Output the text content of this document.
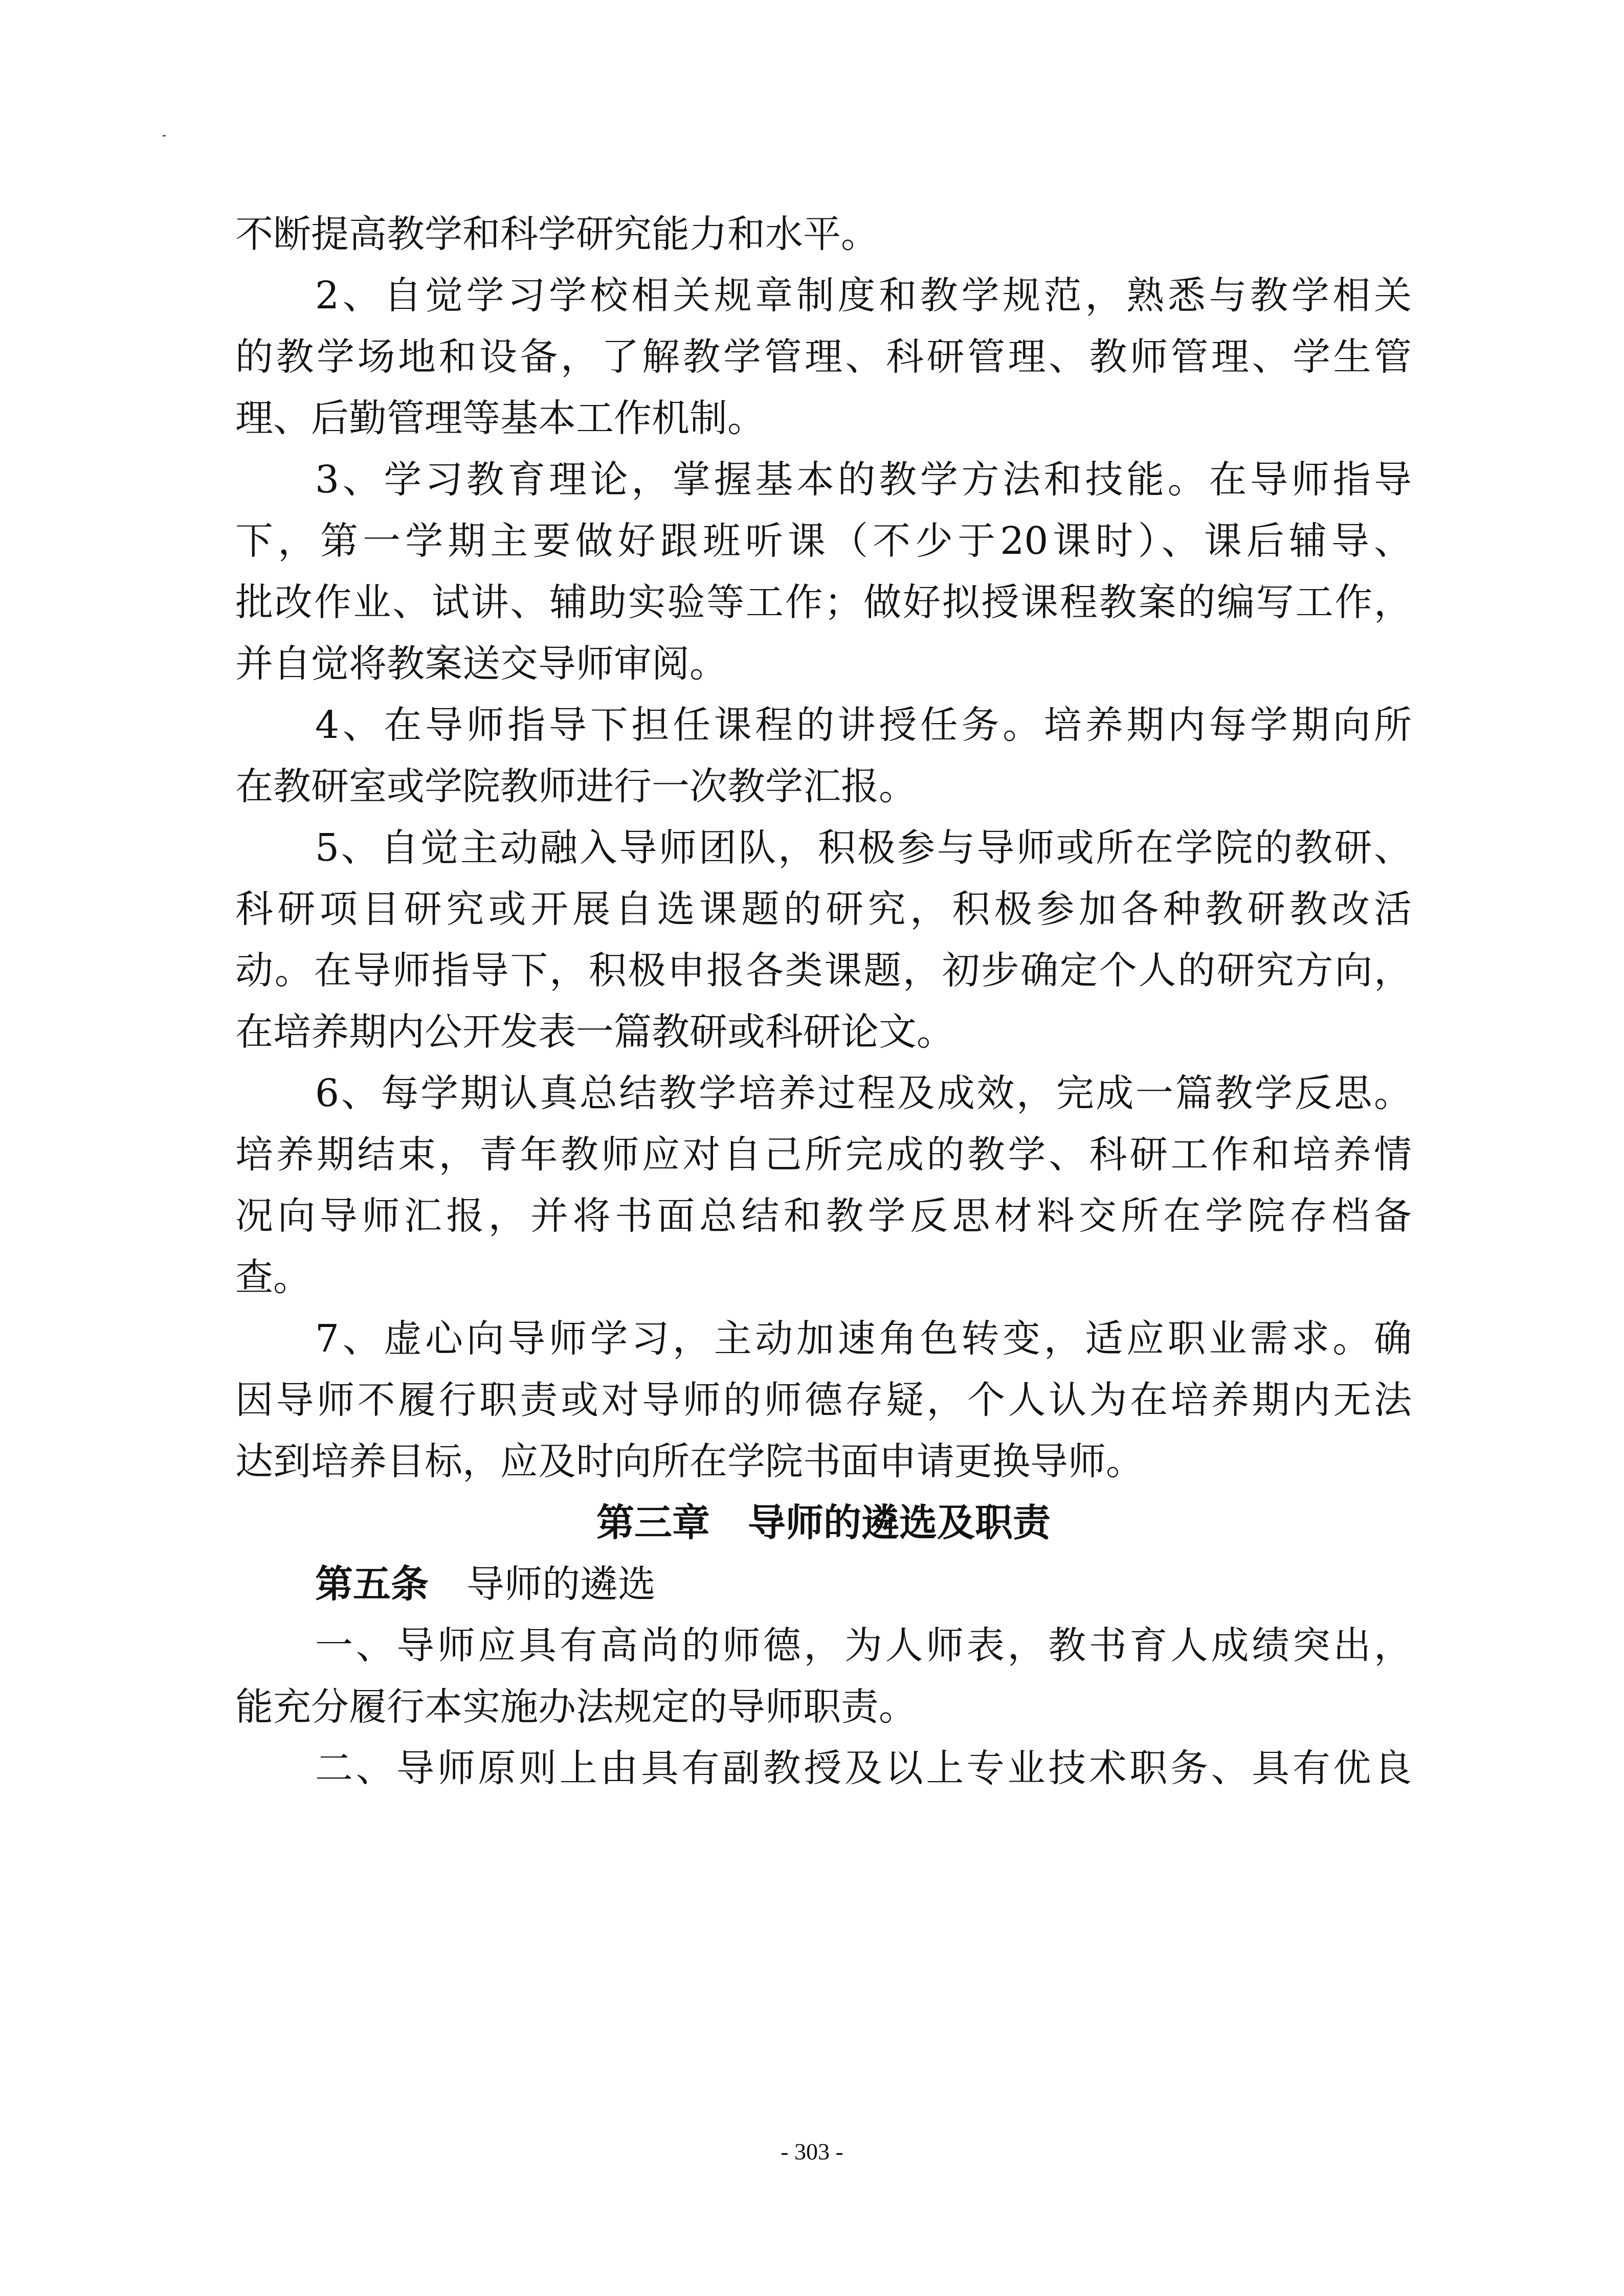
不断提高教学和科学研究能力和水平。
2、自觉学习学校相关规章制度和教学规范，熟悉与教学相关
的教学场地和设备，了解教学管理、科研管理、教师管理、学生管
理、后勤管理等基本工作机制。
3、学习教育理论，掌握基本的教学方法和技能。在导师指导
下，第一学期主要做好跟班听课（不少于20课时）、课后辅导、
批改作业、试讲、辅助实验等工作；做好拟授课程教案的编写工作，
并自觉将教案送交导师审阅。
4、在导师指导下担任课程的讲授任务。培养期内每学期向所
在教研室或学院教师进行一次教学汇报。
5、自觉主动融入导师团队，积极参与导师或所在学院的教研、
科研项目研究或开展自选课题的研究，积极参加各种教研教改活
动。在导师指导下，积极申报各类课题，初步确定个人的研究方向，
在培养期内公开发表一篇教研或科研论文。
6、每学期认真总结教学培养过程及成效，完成一篇教学反思。
培养期结束，青年教师应对自己所完成的教学、科研工作和培养情
况向导师汇报，并将书面总结和教学反思材料交所在学院存档备
查。
7、虚心向导师学习，主动加速角色转变，适应职业需求。确
因导师不履行职责或对导师的师德存疑，个人认为在培养期内无法
达到培养目标，应及时向所在学院书面申请更换导师。
第三章　导师的遴选及职责
第五条　 导师的遴选
一、导师应具有高尚的师德，为人师表，教书育人成绩突出，
能充分履行本实施办法规定的导师职责。
二、导师原则上由具有副教授及以上专业技术职务、具有优良
- 303 -
